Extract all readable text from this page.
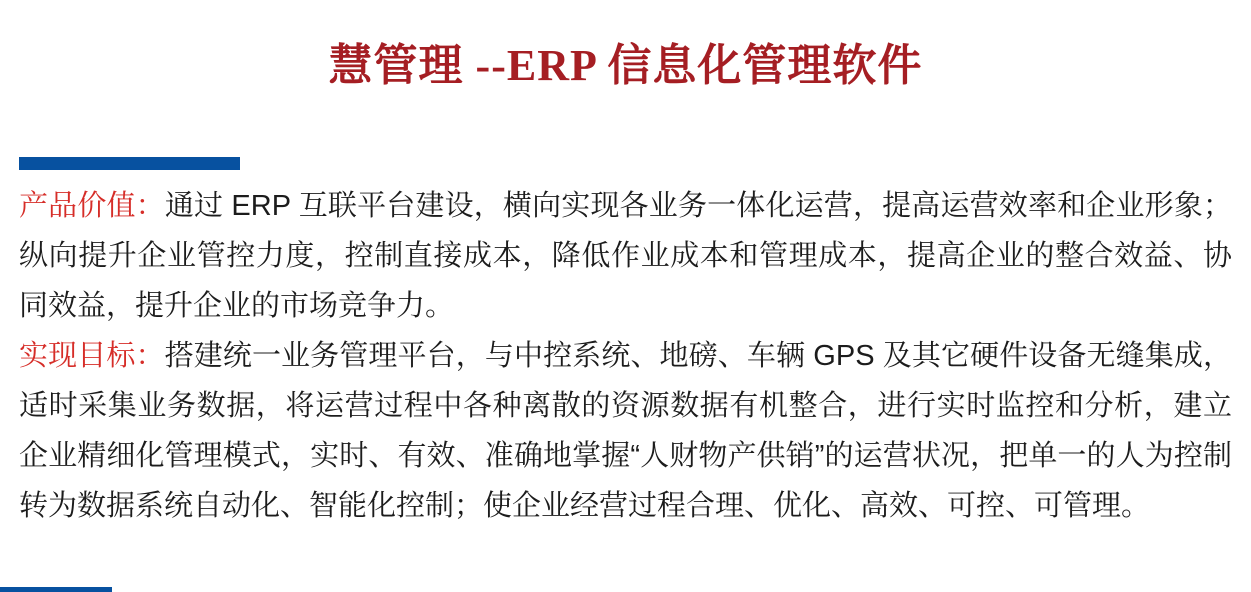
慧管理 --ERP 信息化管理软件

产品价值：通过 ERP 互联平台建设，横向实现各业务一体化运营，提高运营效率和企业形象；纵向提升企业管控力度，控制直接成本，降低作业成本和管理成本，提高企业的整合效益、协同效益，提升企业的市场竞争力。

实现目标：搭建统一业务管理平台，与中控系统、地磅、车辆 GPS 及其它硬件设备无缝集成，适时采集业务数据，将运营过程中各种离散的资源数据有机整合，进行实时监控和分析，建立企业精细化管理模式，实时、有效、准确地掌握“人财物产供销”的运营状况，把单一的人为控制转为数据系统自动化、智能化控制；使企业经营过程合理、优化、高效、可控、可管理。
